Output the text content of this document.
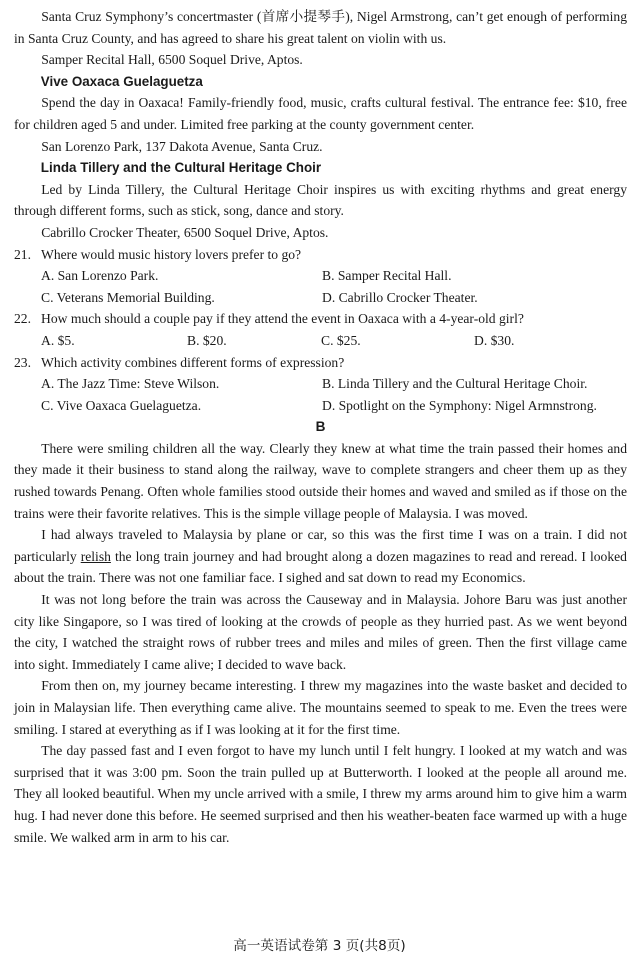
Santa Cruz Symphony’s concertmaster (首席小提琴手), Nigel Armstrong, can’t get enough of performing in Santa Cruz County, and has agreed to share his great talent on violin with us.

Samper Recital Hall, 6500 Soquel Drive, Aptos.

Vive Oaxaca Guelaguetza

Spend the day in Oaxaca! Family-friendly food, music, crafts cultural festival. The entrance fee: $10, free for children aged 5 and under. Limited free parking at the county government center.

San Lorenzo Park, 137 Dakota Avenue, Santa Cruz.

Linda Tillery and the Cultural Heritage Choir

Led by Linda Tillery, the Cultural Heritage Choir inspires us with exciting rhythms and great energy through different forms, such as stick, song, dance and story.

Cabrillo Crocker Theater, 6500 Soquel Drive, Aptos.

21. Where would music history lovers prefer to go?
A. San Lorenzo Park.	B. Samper Recital Hall.
C. Veterans Memorial Building.	D. Cabrillo Crocker Theater.
22. How much should a couple pay if they attend the event in Oaxaca with a 4-year-old girl?
A. $5.	B. $20.	C. $25.	D. $30.
23. Which activity combines different forms of expression?
A. The Jazz Time: Steve Wilson.	B. Linda Tillery and the Cultural Heritage Choir.
C. Vive Oaxaca Guelaguetza.	D. Spotlight on the Symphony: Nigel Armnstrong.

B

There were smiling children all the way. Clearly they knew at what time the train passed their homes and they made it their business to stand along the railway, wave to complete strangers and cheer them up as they rushed towards Penang. Often whole families stood outside their homes and waved and smiled as if those on the trains were their favorite relatives. This is the simple village people of Malaysia. I was moved.

I had always traveled to Malaysia by plane or car, so this was the first time I was on a train. I did not particularly relish the long train journey and had brought along a dozen magazines to read and reread. I looked about the train. There was not one familiar face. I sighed and sat down to read my Economics.

It was not long before the train was across the Causeway and in Malaysia. Johore Baru was just another city like Singapore, so I was tired of looking at the crowds of people as they hurried past. As we went beyond the city, I watched the straight rows of rubber trees and miles and miles of green. Then the first village came into sight. Immediately I came alive; I decided to wave back.

From then on, my journey became interesting. I threw my magazines into the waste basket and decided to join in Malaysian life. Then everything came alive. The mountains seemed to speak to me. Even the trees were smiling. I stared at everything as if I was looking at it for the first time.

The day passed fast and I even forgot to have my lunch until I felt hungry. I looked at my watch and was surprised that it was 3:00 pm. Soon the train pulled up at Butterworth. I looked at the people all around me. They all looked beautiful. When my uncle arrived with a smile, I threw my arms around him to give him a warm hug. I had never done this before. He seemed surprised and then his weather-beaten face warmed up with a huge smile. We walked arm in arm to his car.

高一英语试卷第 3 页(共8页)
